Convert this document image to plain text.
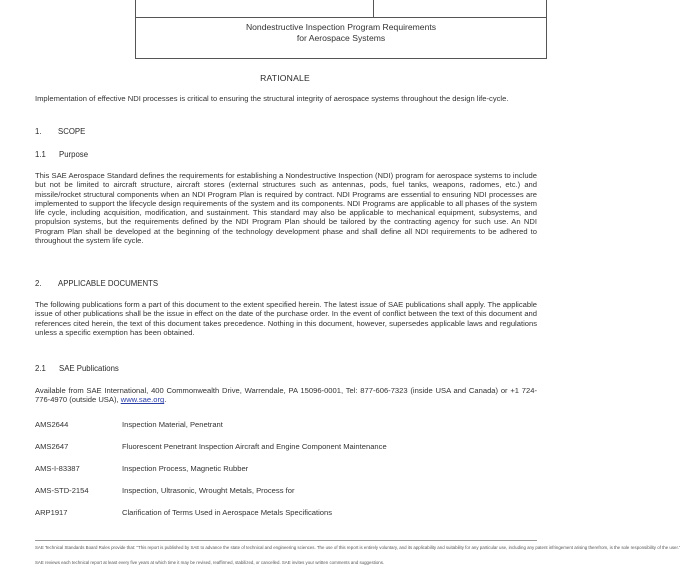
Nondestructive Inspection Program Requirements
for Aerospace Systems
RATIONALE
Implementation of effective NDI processes is critical to ensuring the structural integrity of aerospace systems throughout the design life-cycle.
1. SCOPE
1.1 Purpose
This SAE Aerospace Standard defines the requirements for establishing a Nondestructive Inspection (NDI) program for aerospace systems to include but not be limited to aircraft structure, aircraft stores (external structures such as antennas, pods, fuel tanks, weapons, radomes, etc.) and missile/rocket structural components when an NDI Program Plan is required by contract. NDI Programs are essential to ensuring NDI processes are implemented to support the lifecycle design requirements of the system and its components. NDI Programs are applicable to all phases of the system life cycle, including acquisition, modification, and sustainment. This standard may also be applicable to mechanical equipment, subsystems, and propulsion systems, but the requirements defined by the NDI Program Plan should be tailored by the contracting agency for such use. An NDI Program Plan shall be developed at the beginning of the technology development phase and shall define all NDI requirements to be adhered to throughout the system life cycle.
2. APPLICABLE DOCUMENTS
The following publications form a part of this document to the extent specified herein. The latest issue of SAE publications shall apply. The applicable issue of other publications shall be the issue in effect on the date of the purchase order. In the event of conflict between the text of this document and references cited herein, the text of this document takes precedence. Nothing in this document, however, supersedes applicable laws and regulations unless a specific exemption has been obtained.
2.1 SAE Publications
Available from SAE International, 400 Commonwealth Drive, Warrendale, PA 15096-0001, Tel: 877-606-7323 (inside USA and Canada) or +1 724-776-4970 (outside USA), www.sae.org.
AMS2644	Inspection Material, Penetrant
AMS2647	Fluorescent Penetrant Inspection Aircraft and Engine Component Maintenance
AMS-I-83387	Inspection Process, Magnetic Rubber
AMS-STD-2154	Inspection, Ultrasonic, Wrought Metals, Process for
ARP1917	Clarification of Terms Used in Aerospace Metals Specifications
SAE Technical Standards Board Rules provide that: "This report is published by SAE to advance the state of technical and engineering sciences. The use of this report is entirely voluntary, and its applicability and suitability for any particular use, including any patent infringement arising therefrom, is the sole responsibility of the user."
SAE reviews each technical report at least every five years at which time it may be revised, reaffirmed, stabilized, or cancelled. SAE invites your written comments and suggestions.
